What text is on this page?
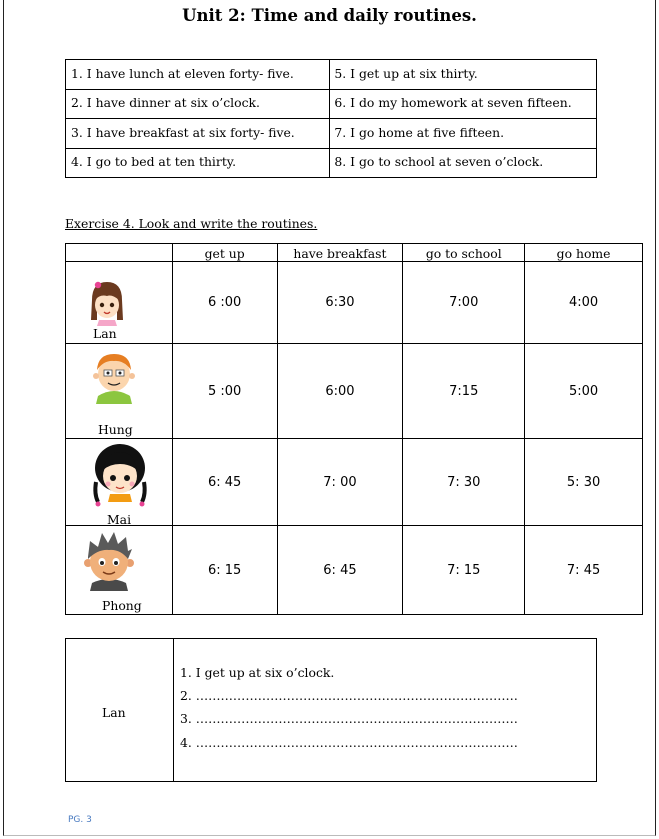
Unit 2: Time and daily routines.
1. I have lunch at eleven forty- five.	5. I get up at six thirty.
2. I have dinner at six o’clock.	6. I do my homework at seven fifteen.
3. I have breakfast at six forty- five.	7. I go home at five fifteen.
4. I go to bed at ten thirty.	8. I go to school at seven o’clock.
Exercise 4. Look and write the routines.
	get up	have breakfast	go to school	go home

Lan	6 :00	6:30	7:00	4:00

Hung	5 :00	6:00	7:15	5:00

Mai	6: 45	7: 00	7: 30	5: 30

Phong	6: 15	6: 45	7: 15	7: 45
Lan
1. I get up at six o’clock.
2. ……………………………………………………………………
3. ……………………………………………………………………
4. ……………………………………………………………………
PG. 3
